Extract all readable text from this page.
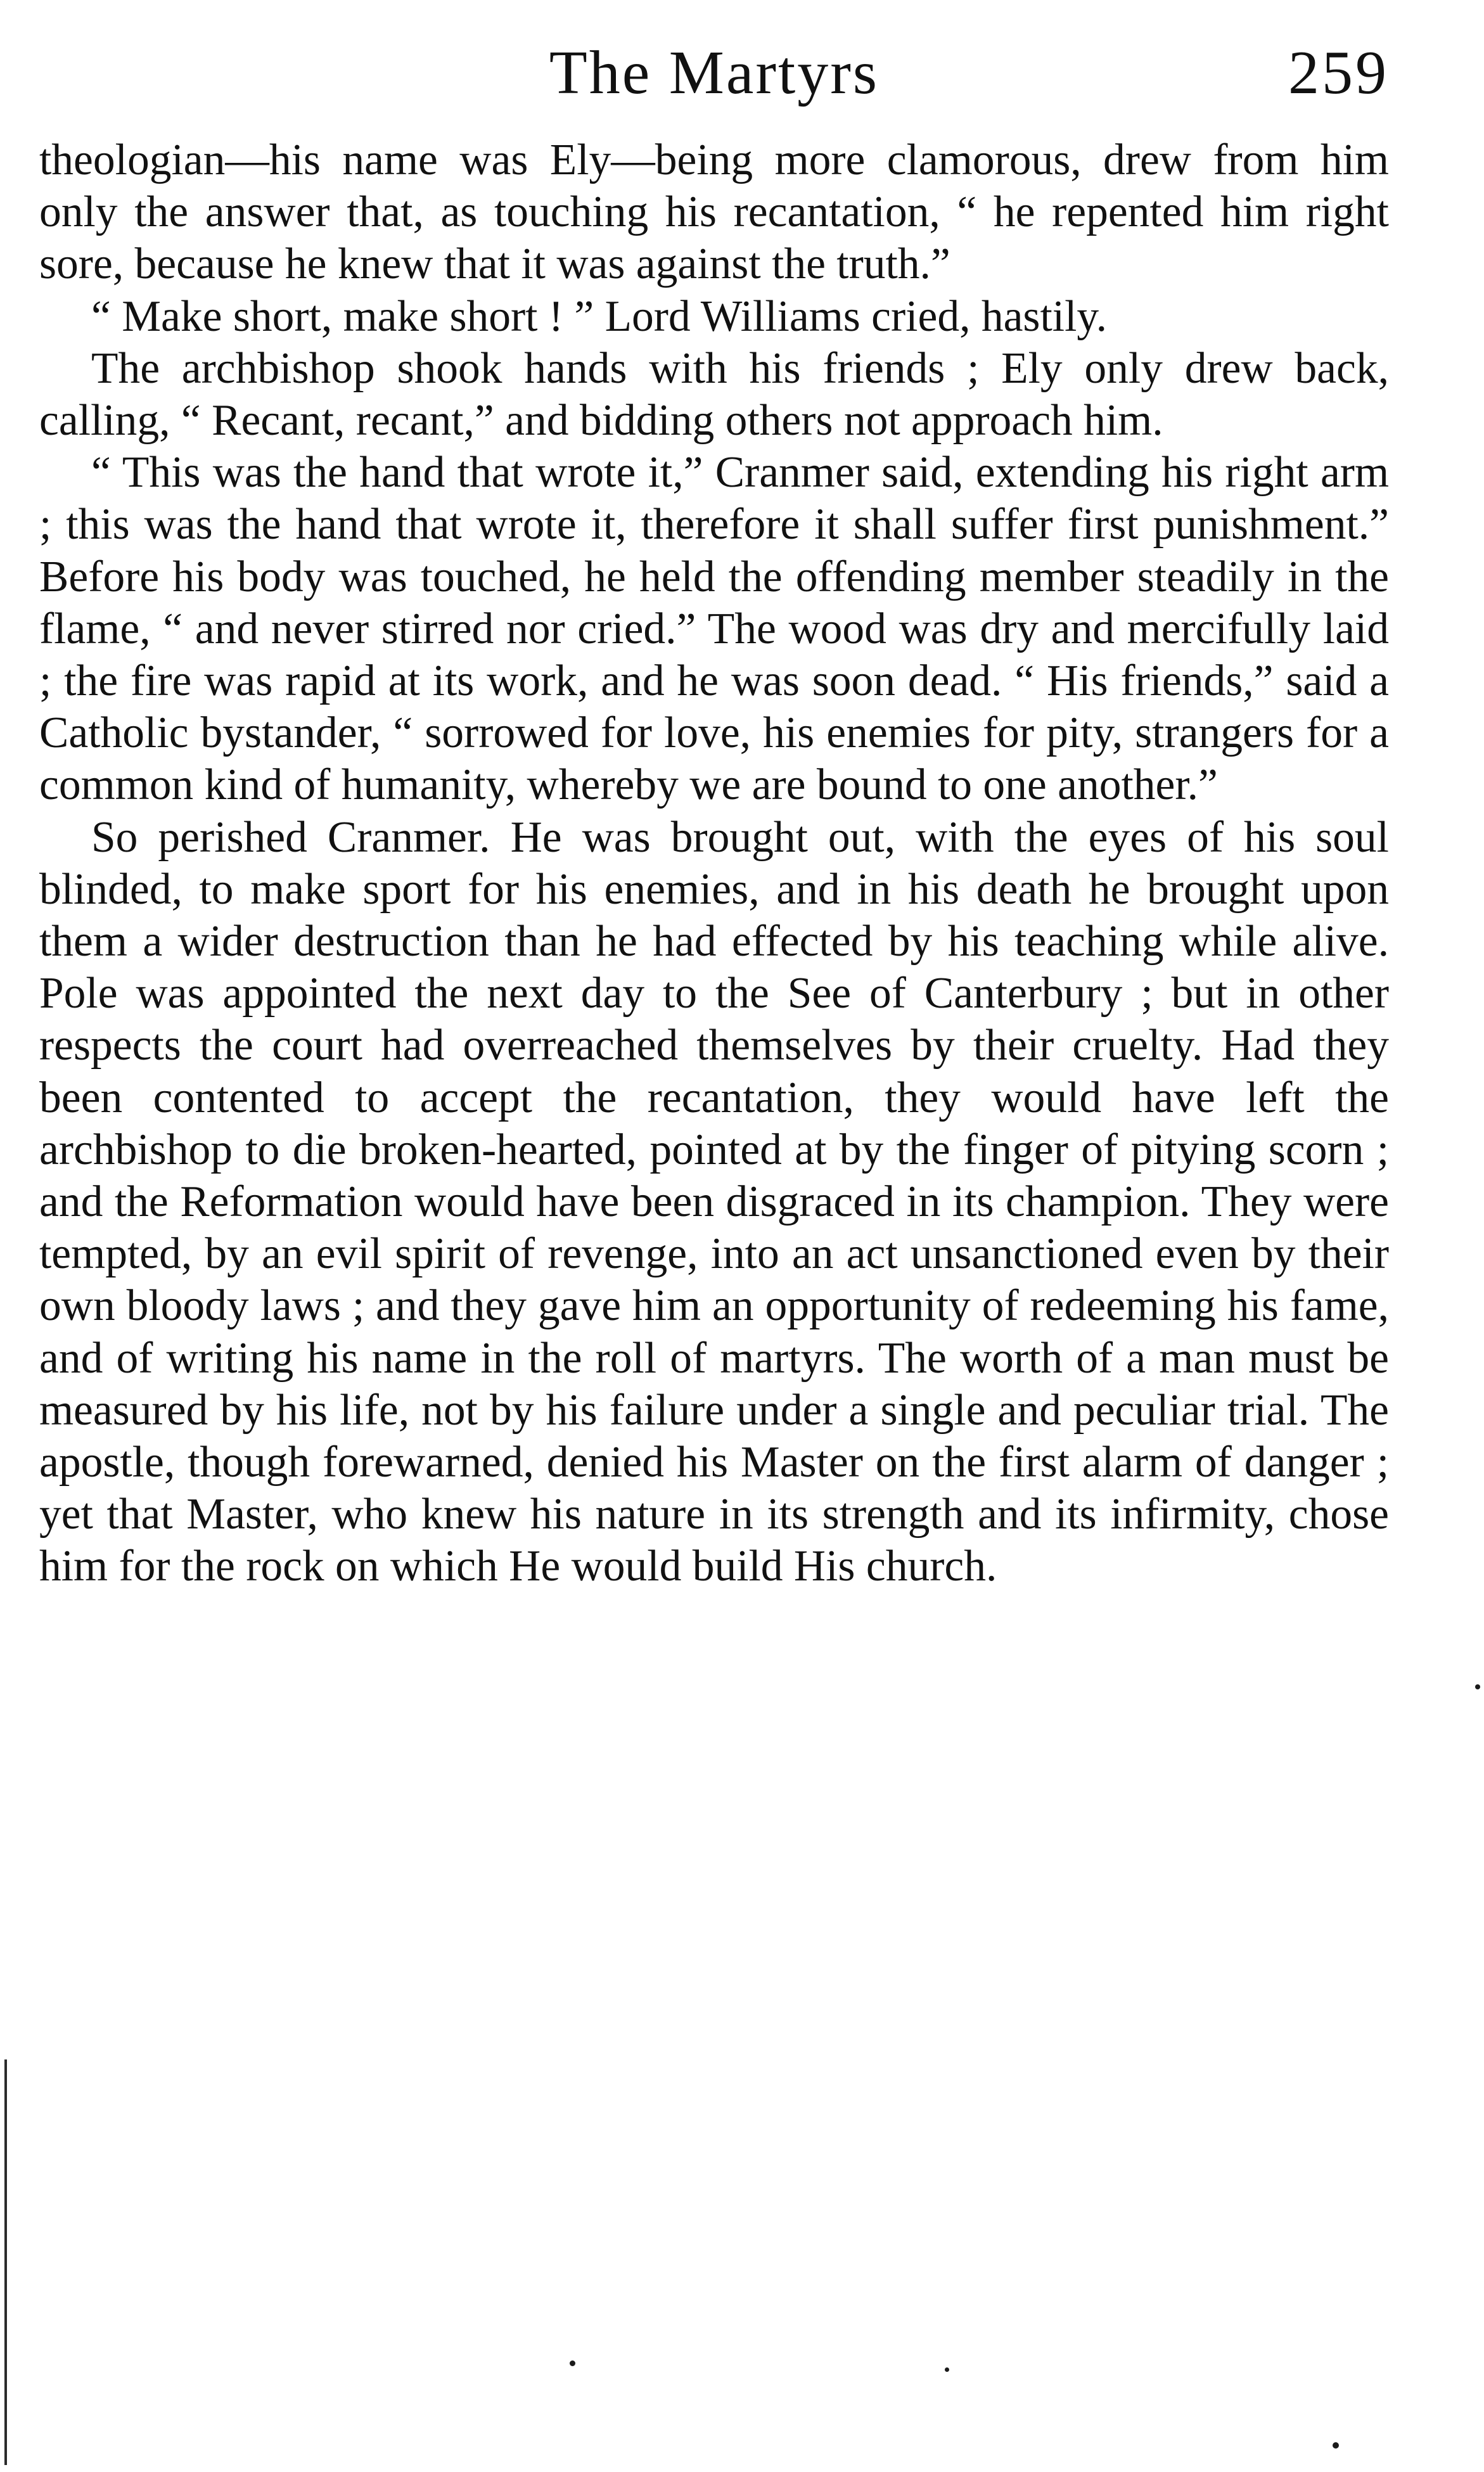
The Martyrs	259

theologian—his name was Ely—being more clamorous, drew from him only the answer that, as touching his recantation, “ he repented him right sore, because he knew that it was against the truth.”

“ Make short, make short ! ” Lord Williams cried, hastily.

The archbishop shook hands with his friends ; Ely only drew back, calling, “ Recant, recant,” and bidding others not approach him.

“ This was the hand that wrote it,” Cranmer said, extending his right arm ; this was the hand that wrote it, therefore it shall suffer first punishment.” Before his body was touched, he held the offending member steadily in the flame, “ and never stirred nor cried.” The wood was dry and mercifully laid ; the fire was rapid at its work, and he was soon dead. “ His friends,” said a Catholic bystander, “ sorrowed for love, his enemies for pity, strangers for a common kind of humanity, whereby we are bound to one another.”

So perished Cranmer. He was brought out, with the eyes of his soul blinded, to make sport for his enemies, and in his death he brought upon them a wider destruction than he had effected by his teaching while alive. Pole was appointed the next day to the See of Canterbury ; but in other respects the court had overreached themselves by their cruelty. Had they been contented to accept the recantation, they would have left the archbishop to die broken-hearted, pointed at by the finger of pitying scorn ; and the Reformation would have been disgraced in its champion. They were tempted, by an evil spirit of revenge, into an act unsanctioned even by their own bloody laws ; and they gave him an opportunity of redeeming his fame, and of writing his name in the roll of martyrs. The worth of a man must be measured by his life, not by his failure under a single and peculiar trial. The apostle, though forewarned, denied his Master on the first alarm of danger ; yet that Master, who knew his nature in its strength and its infirmity, chose him for the rock on which He would build His church.
